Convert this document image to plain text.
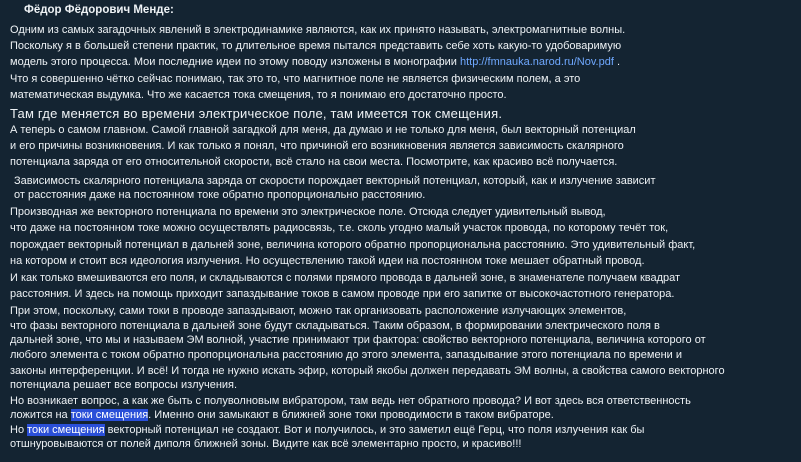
Фёдор Фёдорович Менде:
Одним из самых загадочных явлений в электродинамике являются, как их принято называть, электромагнитные волны.
Поскольку я в большей степени практик, то длительное время пытался представить себе хоть какую-то удобоваримую
модель этого процесса. Мои последние идеи по этому поводу изложены в монографии http://fmnauka.narod.ru/Nov.pdf .
Что я совершенно чётко сейчас понимаю, так это то, что магнитное поле не является физическим полем, а это
математическая выдумка. Что же касается тока смещения, то я понимаю его достаточно просто.
Там где меняется во времени электрическое поле, там имеется ток смещения.
А теперь о самом главном. Самой главной загадкой для меня, да думаю и не только для меня, был векторный потенциал
и его причины возникновения. И как только я понял, что причиной его возникновения является зависимость скалярного
потенциала заряда от его относительной скорости, всё стало на свои места. Посмотрите, как красиво всё получается.
Зависимость скалярного потенциала заряда от скорости порождает векторный потенциал, который, как и излучение зависит
от расстояния даже на постоянном токе обратно пропорционально расстоянию.
Производная же векторного потенциала по времени это электрическое поле. Отсюда следует удивительный вывод,
что даже на постоянном токе можно осуществлять радиосвязь, т.е. сколь угодно малый участок провода, по которому течёт ток,
порождает векторный потенциал в дальней зоне, величина которого обратно пропорциональна расстоянию. Это удивительный факт,
на котором и стоит вся идеология излучения. Но осуществлению такой идеи на постоянном токе мешает обратный провод.
И как только вмешиваются его поля, и складываются с полями прямого провода в дальней зоне, в знаменателе получаем квадрат
расстояния. И здесь на помощь приходит запаздывание токов в самом проводе при его запитке от высокочастотного генератора.
При этом, поскольку, сами токи в проводе запаздывают, можно так организовать расположение излучающих элементов,
что фазы векторного потенциала в дальней зоне будут складываться. Таким образом, в формировании электрического поля в
дальней зоне, что мы и называем ЭМ волной, участие принимают три фактора: свойство векторного потенциала, величина которого от
любого элемента с током обратно пропорциональна расстоянию до этого элемента, запаздывание этого потенциала по времени и
законы интерференции. И всё! И тогда не нужно искать эфир, который якобы должен передавать ЭМ волны, а свойства самого векторного
потенциала решает все вопросы излучения.
Но возникает вопрос, а как же быть с полуволновым вибратором, там ведь нет обратного провода? И вот здесь вся ответственность
ложится на токи смещения. Именно они замыкают в ближней зоне токи проводимости в таком вибраторе.
Но токи смещения векторный потенциал не создают. Вот и получилось, и это заметил ещё Герц, что поля излучения как бы
отшнуровываются от полей диполя ближней зоны. Видите как всё элементарно просто, и красиво!!!
